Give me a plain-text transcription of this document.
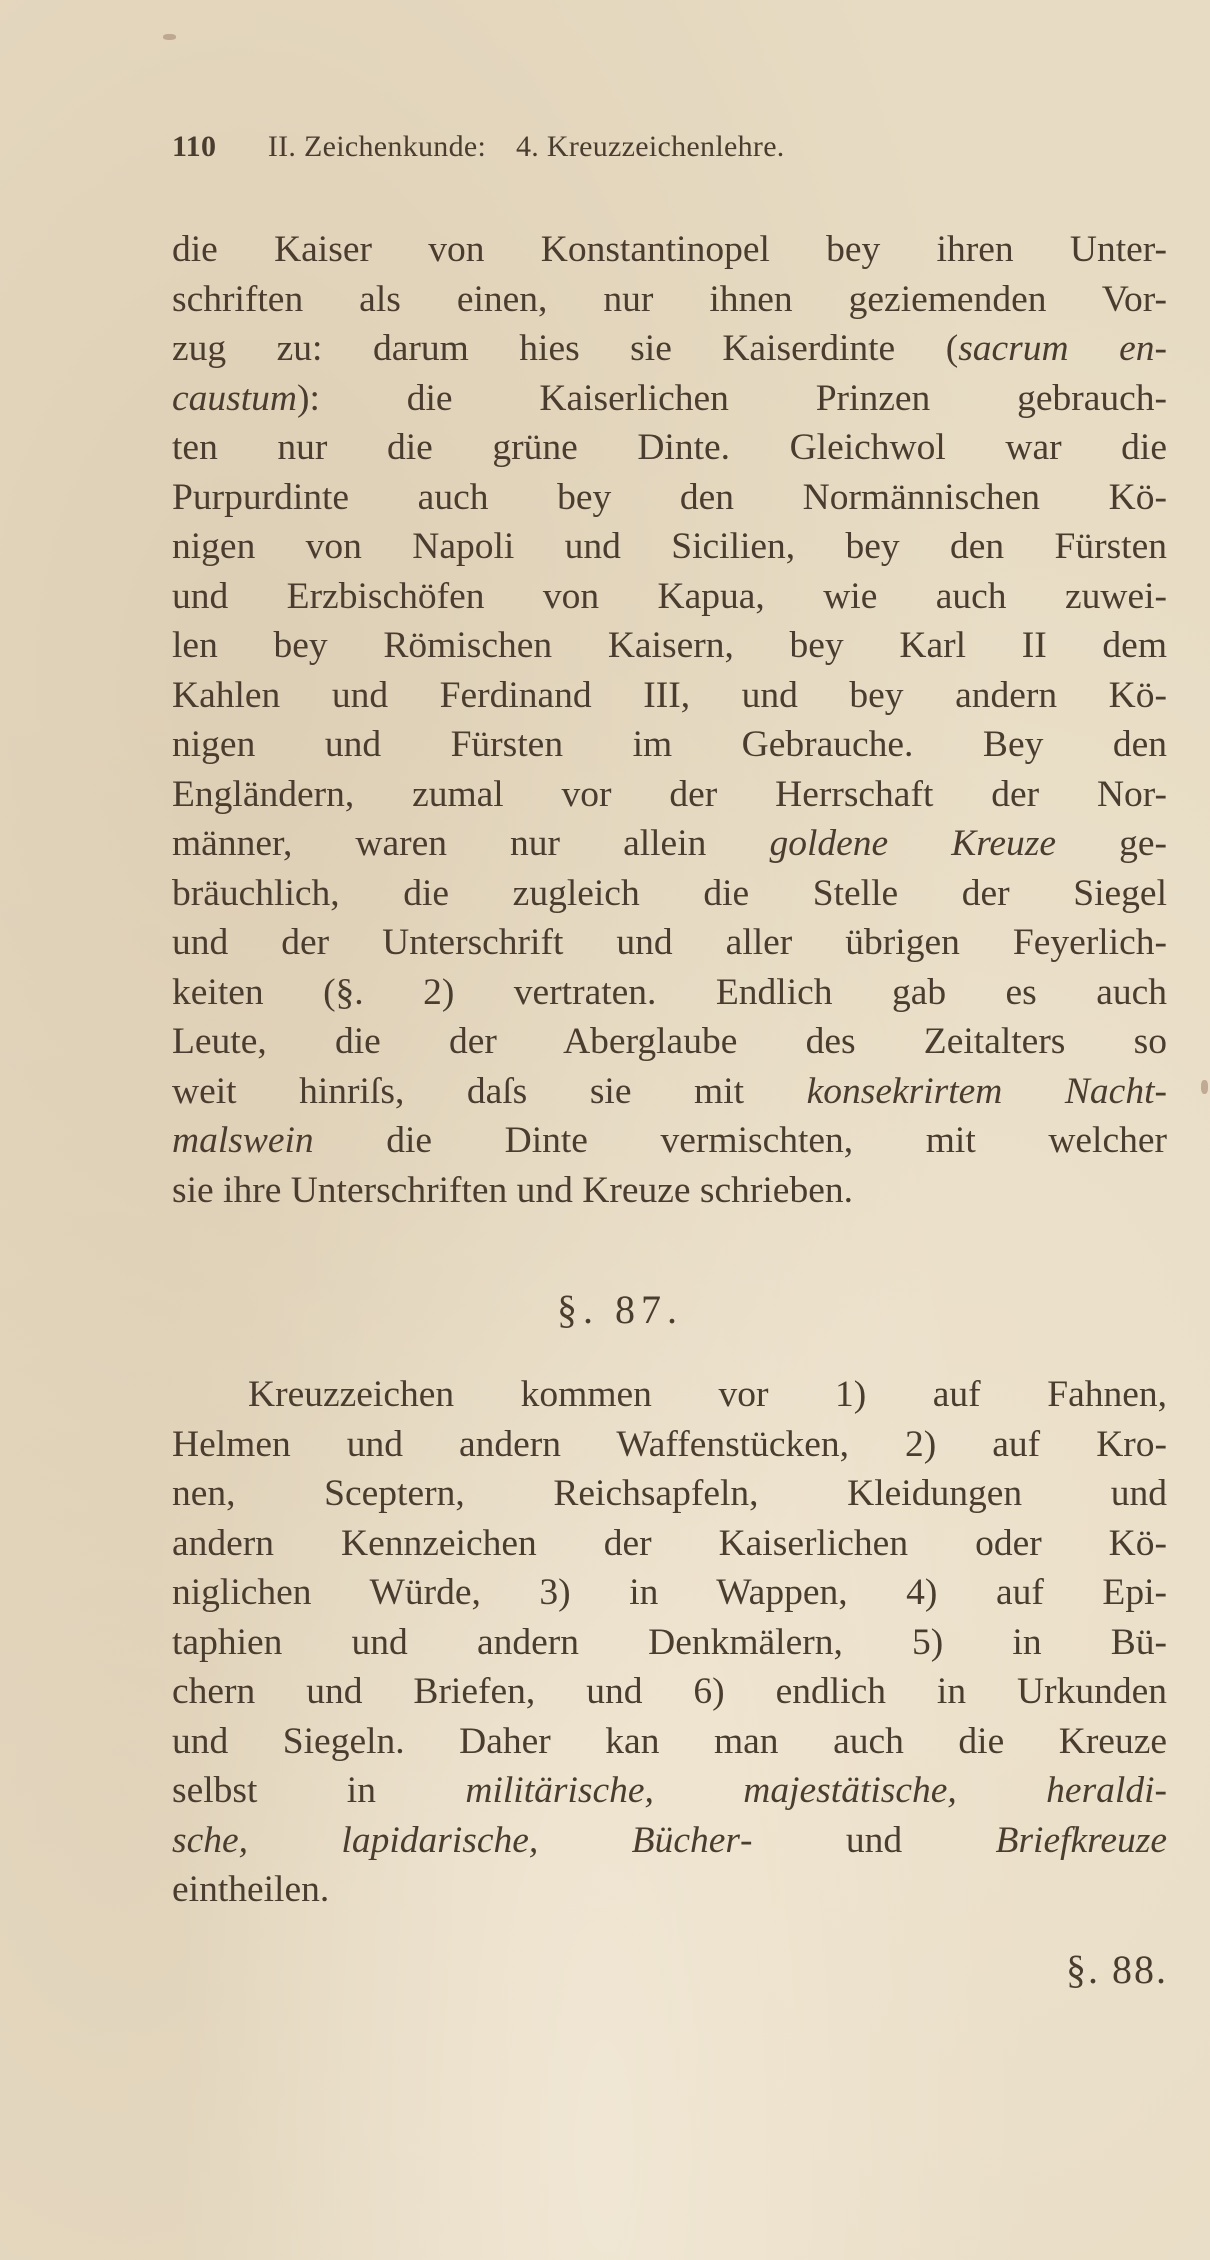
110 II. Zeichenkunde: 4. Kreuzzeichenlehre.
die Kaiser von Konstantinopel bey ihren Unter-
schriften als einen, nur ihnen geziemenden Vor-
zug zu: darum hies sie Kaiserdinte (sacrum en-
caustum): die Kaiserlichen Prinzen gebrauch-
ten nur die grüne Dinte. Gleichwol war die
Purpurdinte auch bey den Normännischen Kö-
nigen von Napoli und Sicilien, bey den Fürsten
und Erzbischöfen von Kapua, wie auch zuwei-
len bey Römischen Kaisern, bey Karl II dem
Kahlen und Ferdinand III, und bey andern Kö-
nigen und Fürsten im Gebrauche. Bey den
Engländern, zumal vor der Herrschaft der Nor-
männer, waren nur allein goldene Kreuze ge-
bräuchlich, die zugleich die Stelle der Siegel
und der Unterschrift und aller übrigen Feyerlich-
keiten (§. 2) vertraten. Endlich gab es auch
Leute, die der Aberglaube des Zeitalters so
weit hinriſs, daſs sie mit konsekrirtem Nacht-
malswein die Dinte vermischten, mit welcher
sie ihre Unterschriften und Kreuze schrieben.
§. 87.
Kreuzzeichen kommen vor 1) auf Fahnen,
Helmen und andern Waffenstücken, 2) auf Kro-
nen, Sceptern, Reichsapfeln, Kleidungen und
andern Kennzeichen der Kaiserlichen oder Kö-
niglichen Würde, 3) in Wappen, 4) auf Epi-
taphien und andern Denkmälern, 5) in Bü-
chern und Briefen, und 6) endlich in Urkunden
und Siegeln. Daher kan man auch die Kreuze
selbst in militärische, majestätische, heraldi-
sche, lapidarische, Bücher- und Briefkreuze
eintheilen.
§. 88.
